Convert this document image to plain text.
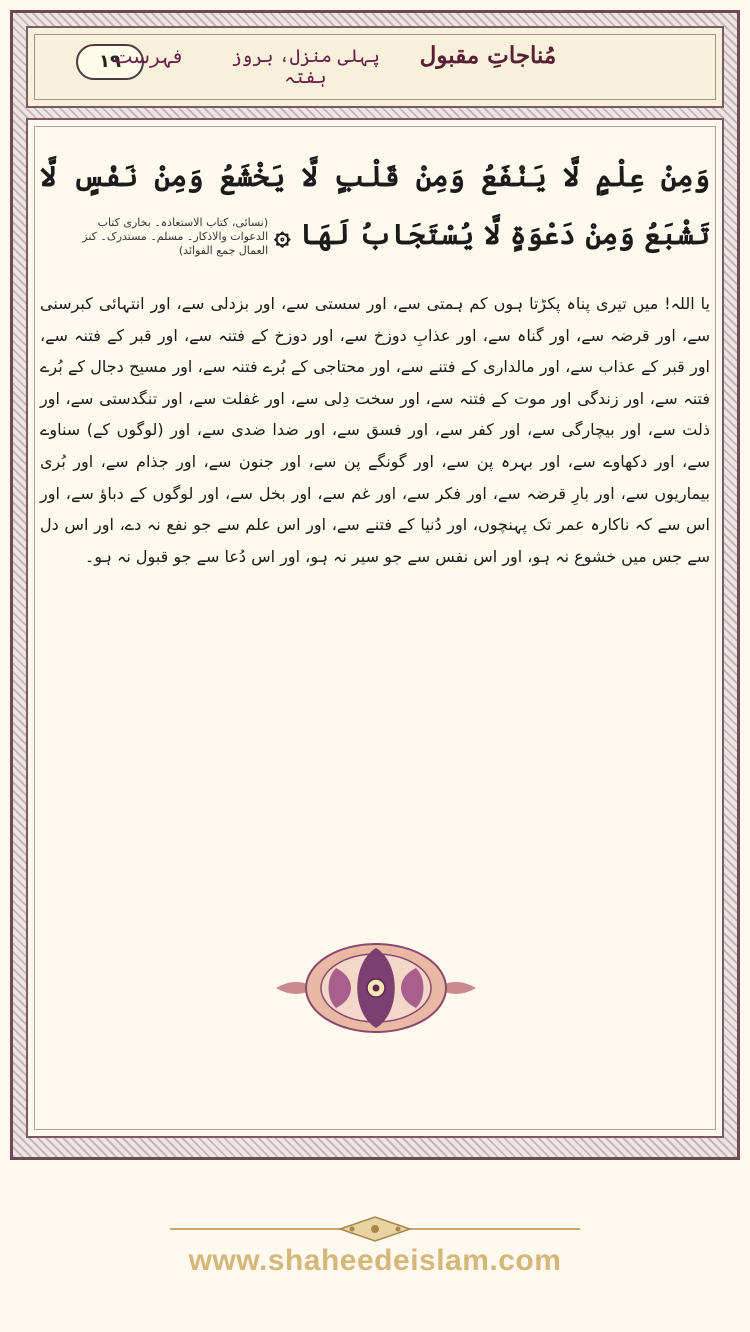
١٩	مُناجاتِ مقبول
پہلی منزل، بروز ہفتہ
فہرست
وَمِنْ عِلْمٍ لَّا يَنْفَعُ وَمِنْ قَلْبٍ لَّا يَخْشَعُ وَمِنْ نَفْسٍ لَّا تَشْبَعُ وَمِنْ دَعْوَةٍ لَّا يُسْتَجَابُ لَهَا ۞(نسائی، کتاب الاستعاذہ۔ بخاری کتاب الدعوات والاذکار۔ مسلم۔ مستدرک۔ کنز العمال جمع الفوائد)
یا اللہ! میں تیری پناہ پکڑتا ہوں کم ہمتی سے، اور سستی سے، اور بزدلی سے، اور انتہائی کبرسنی سے، اور قرضہ سے، اور گناہ سے، اور عذابِ دوزخ سے، اور دوزخ کے فتنہ سے، اور قبر کے فتنہ سے، اور قبر کے عذاب سے، اور مالداری کے فتنے سے، اور محتاجی کے بُرے فتنہ سے، اور مسیح دجال کے بُرے فتنہ سے، اور زندگی اور موت کے فتنہ سے، اور سخت دِلی سے، اور غفلت سے، اور تنگدستی سے، اور ذلت سے، اور بیچارگی سے، اور کفر سے، اور فسق سے، اور ضدا ضدی سے، اور (لوگوں کے) سناوے سے، اور دکھاوے سے، اور بہرہ پن سے، اور گونگے پن سے، اور جنون سے، اور جذام سے، اور بُری بیماریوں سے، اور بارِ قرضہ سے، اور فکر سے، اور غم سے، اور بخل سے، اور لوگوں کے دباؤ سے، اور اس سے کہ ناکارہ عمر تک پہنچوں، اور دُنیا کے فتنے سے، اور اس علم سے جو نفع نہ دے، اور اس دل سے جس میں خشوع نہ ہو، اور اس نفس سے جو سیر نہ ہو، اور اس دُعا سے جو قبول نہ ہو۔
www.shaheedeislam.com
